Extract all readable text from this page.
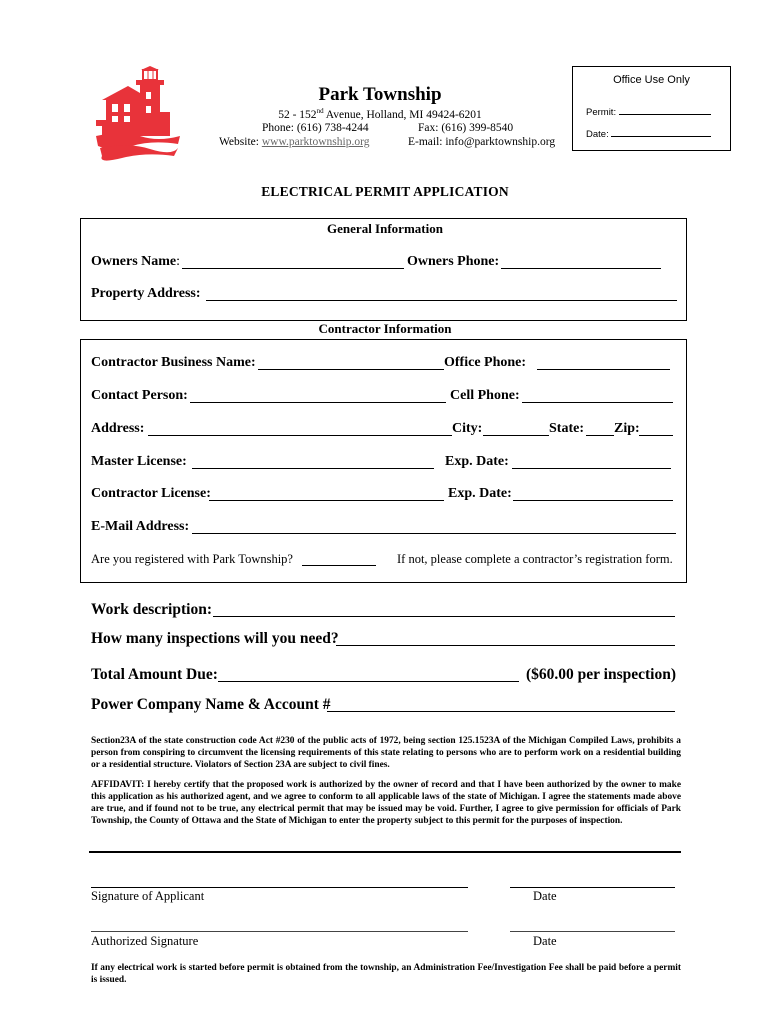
Park Township
52 - 152nd Avenue, Holland, MI 49424-6201
Phone: (616) 738-4244	Fax: (616) 399-8540
Website: www.parktownship.org	E-mail: info@parktownship.org
Office Use Only
Permit:
Date:
ELECTRICAL PERMIT APPLICATION
General Information
Owners Name:	Owners Phone:
Property Address:
Contractor Information
Contractor Business Name:	Office Phone:
Contact Person:	Cell Phone:
Address:	City:	State: Zip:
Master License:	Exp. Date:
Contractor License:	Exp. Date:
E-Mail Address:
Are you registered with Park Township?	If not, please complete a contractor’s registration form.
Work description:
How many inspections will you need?
Total Amount Due:	($60.00 per inspection)
Power Company Name & Account #
Section23A of the state construction code Act #230 of the public acts of 1972, being section 125.1523A of the Michigan Compiled Laws, prohibits a person from conspiring to circumvent the licensing requirements of this state relating to persons who are to perform work on a residential building or a residential structure. Violators of Section 23A are subject to civil fines.
AFFIDAVIT: I hereby certify that the proposed work is authorized by the owner of record and that I have been authorized by the owner to make this application as his authorized agent, and we agree to conform to all applicable laws of the state of Michigan. I agree the statements made above are true, and if found not to be true, any electrical permit that may be issued may be void. Further, I agree to give permission for officials of Park Township, the County of Ottawa and the State of Michigan to enter the property subject to this permit for the purposes of inspection.
Signature of Applicant	Date
Authorized Signature	Date
If any electrical work is started before permit is obtained from the township, an Administration Fee/Investigation Fee shall be paid before a permit is issued.
